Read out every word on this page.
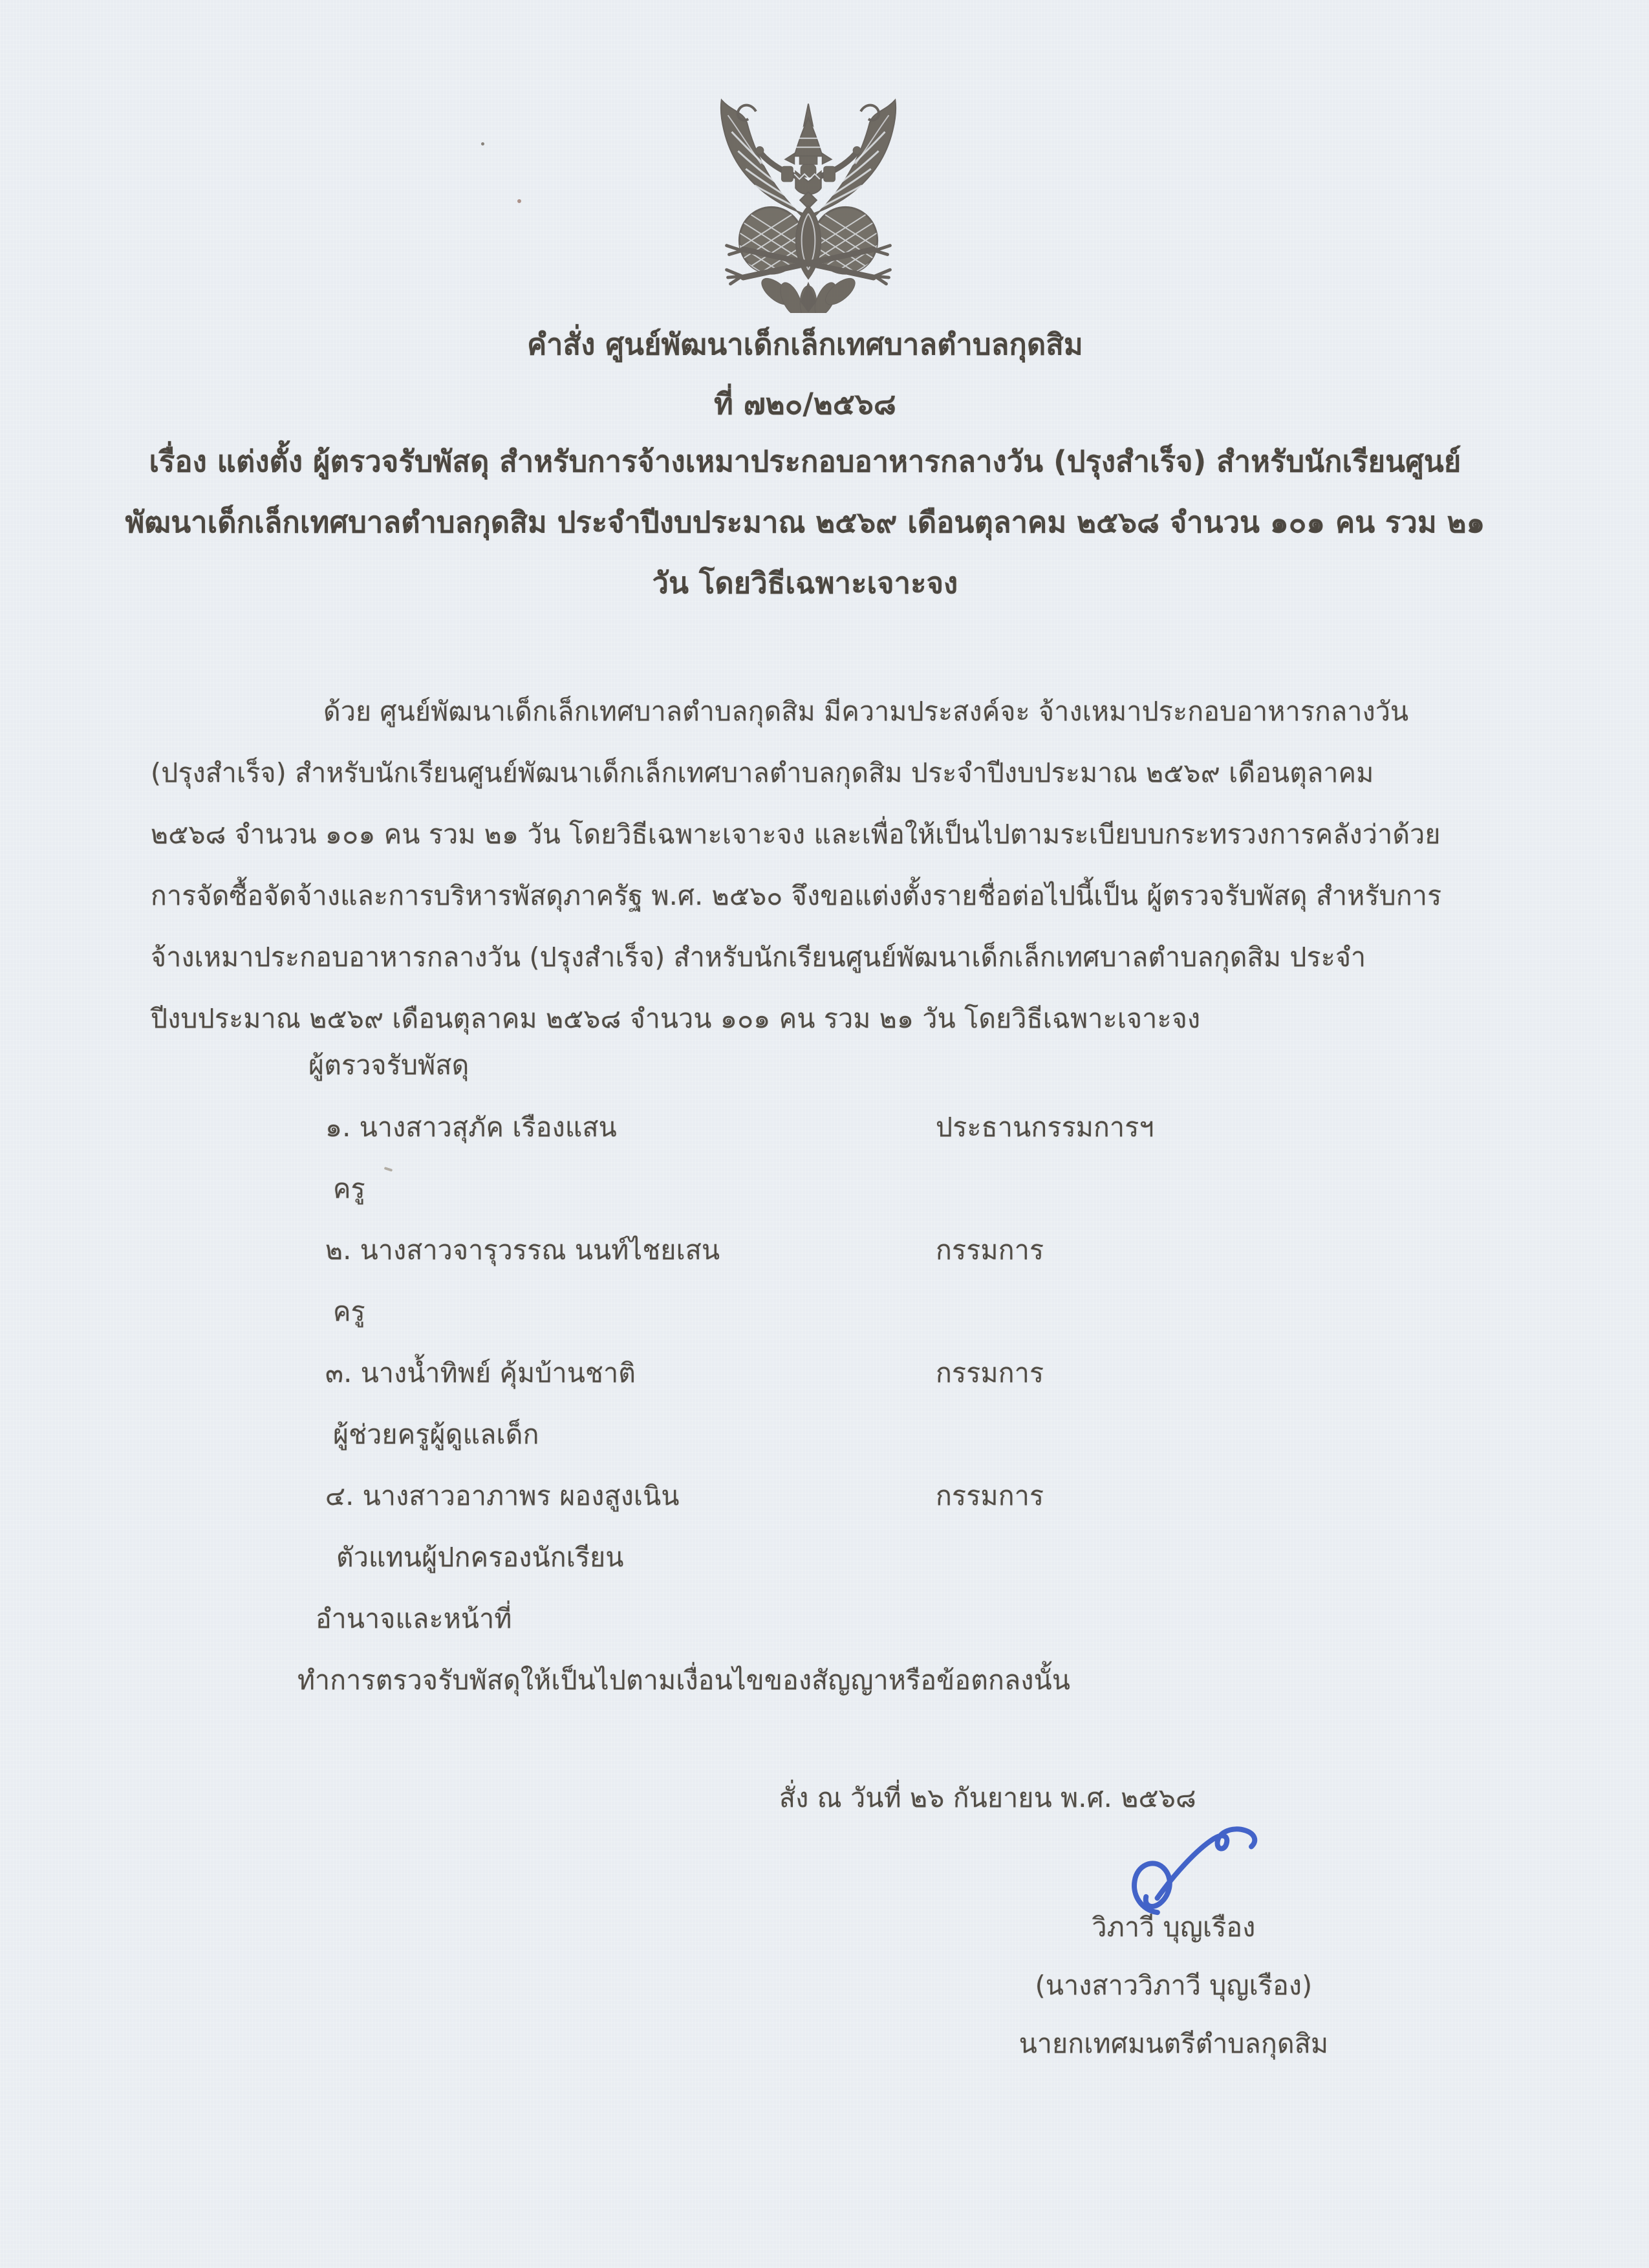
คำสั่ง ศูนย์พัฒนาเด็กเล็กเทศบาลตำบลกุดสิม
ที่ ๗๒๐/๒๕๖๘
เรื่อง แต่งตั้ง ผู้ตรวจรับพัสดุ สำหรับการจ้างเหมาประกอบอาหารกลางวัน (ปรุงสำเร็จ) สำหรับนักเรียนศูนย์
พัฒนาเด็กเล็กเทศบาลตำบลกุดสิม ประจำปีงบประมาณ ๒๕๖๙ เดือนตุลาคม ๒๕๖๘ จำนวน ๑๐๑ คน รวม ๒๑
วัน โดยวิธีเฉพาะเจาะจง
ด้วย ศูนย์พัฒนาเด็กเล็กเทศบาลตำบลกุดสิม มีความประสงค์จะ จ้างเหมาประกอบอาหารกลางวัน
(ปรุงสำเร็จ) สำหรับนักเรียนศูนย์พัฒนาเด็กเล็กเทศบาลตำบลกุดสิม ประจำปีงบประมาณ ๒๕๖๙ เดือนตุลาคม
๒๕๖๘ จำนวน ๑๐๑ คน รวม ๒๑ วัน โดยวิธีเฉพาะเจาะจง และเพื่อให้เป็นไปตามระเบียบบกระทรวงการคลังว่าด้วย
การจัดซื้อจัดจ้างและการบริหารพัสดุภาครัฐ พ.ศ. ๒๕๖๐ จึงขอแต่งตั้งรายชื่อต่อไปนี้เป็น ผู้ตรวจรับพัสดุ สำหรับการ
จ้างเหมาประกอบอาหารกลางวัน (ปรุงสำเร็จ) สำหรับนักเรียนศูนย์พัฒนาเด็กเล็กเทศบาลตำบลกุดสิม ประจำ
ปีงบประมาณ ๒๕๖๙ เดือนตุลาคม ๒๕๖๘ จำนวน ๑๐๑ คน รวม ๒๑ วัน โดยวิธีเฉพาะเจาะจง
ผู้ตรวจรับพัสดุ
๑. นางสาวสุภัค เรืองแสน	ประธานกรรมการฯ
ครู
๒. นางสาวจารุวรรณ นนท์ไชยเสน	กรรมการ
ครู
๓. นางน้ำทิพย์ คุ้มบ้านชาติ	กรรมการ
ผู้ช่วยครูผู้ดูแลเด็ก
๔. นางสาวอาภาพร ผองสูงเนิน	กรรมการ
ตัวแทนผู้ปกครองนักเรียน
อำนาจและหน้าที่
ทำการตรวจรับพัสดุให้เป็นไปตามเงื่อนไขของสัญญาหรือข้อตกลงนั้น
สั่ง ณ วันที่ ๒๖ กันยายน พ.ศ. ๒๕๖๘
วิภาวี บุญเรือง
(นางสาววิภาวี บุญเรือง)
นายกเทศมนตรีตำบลกุดสิม
